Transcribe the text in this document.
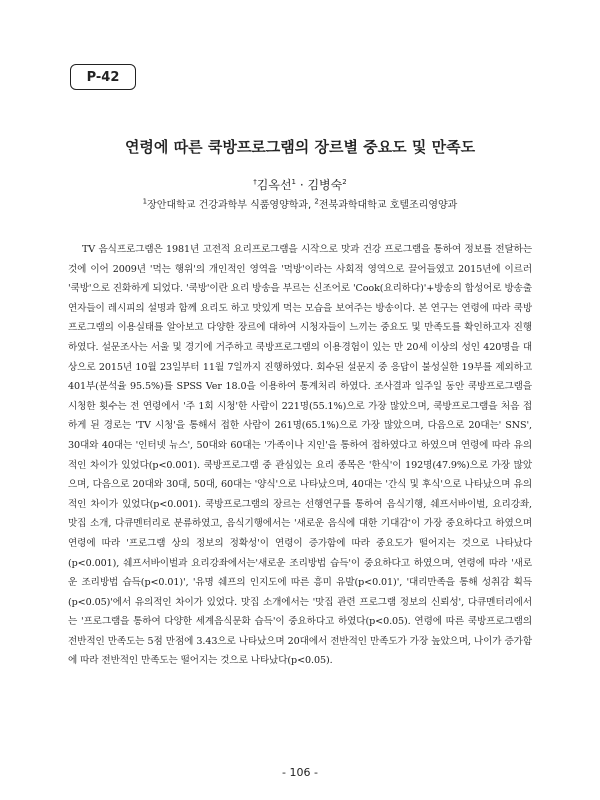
P-42
연령에 따른 쿡방프로그램의 장르별 중요도 및 만족도
†김옥선$^1$ · 김병숙$^2$
$^1$장안대학교 건강과학부 식품영양학과, $^2$전북과학대학교 호텔조리영양과

TV 음식프로그램은 1981년 고전적 요리프로그램을 시작으로 맛과 건강 프로그램을 통하여 정보를 전달하는 것에 이어 2009년 '먹는 행위'의 개인적인 영역을 '먹방'이라는 사회적 영역으로 끌어들였고 2015년에 이르러 '쿡방'으로 진화하게 되었다. '쿡방'이란 요리 방송을 부르는 신조어로 'Cook(요리하다)'+방송의 합성어로 방송출연자들이 레시피의 설명과 함께 요리도 하고 맛있게 먹는 모습을 보여주는 방송이다. 본 연구는 연령에 따라 쿡방프로그램의 이용실태를 알아보고 다양한 장르에 대하여 시청자들이 느끼는 중요도 및 만족도를 확인하고자 진행하였다. 설문조사는 서울 및 경기에 거주하고 쿡방프로그램의 이용경험이 있는 만 20세 이상의 성인 420명을 대상으로 2015년 10월 23일부터 11월 7일까지 진행하였다. 회수된 설문지 중 응답이 불성실한 19부를 제외하고 401부(분석율 95.5%)를 SPSS Ver 18.0을 이용하여 통계처리 하였다. 조사결과 일주일 동안 쿡방프로그램을 시청한 횟수는 전 연령에서 '주 1회 시청'한 사람이 221명(55.1%)으로 가장 많았으며, 쿡방프로그램을 처음 접하게 된 경로는 'TV 시청'을 통해서 접한 사람이 261명(65.1%)으로 가장 많았으며, 다음으로 20대는' SNS', 30대와 40대는 '인터넷 뉴스', 50대와 60대는 '가족이나 지인'을 통하여 접하였다고 하였으며 연령에 따라 유의적인 차이가 있었다(p<0.001). 쿡방프로그램 중 관심있는 요리 종목은 '한식'이 192명(47.9%)으로 가장 많았으며, 다음으로 20대와 30대, 50대, 60대는 '양식'으로 나타났으며, 40대는 '간식 및 후식'으로 나타났으며 유의적인 차이가 있었다(p<0.001). 쿡방프로그램의 장르는 선행연구를 통하여 음식기행, 쉐프서바이벌, 요리강좌, 맛집 소개, 다큐멘터리로 분류하였고, 음식기행에서는 '새로운 음식에 대한 기대감'이 가장 중요하다고 하였으며 연령에 따라 '프로그램 상의 정보의 정확성'이 연령이 증가함에 따라 중요도가 떨어지는 것으로 나타났다(p<0.001), 쉐프서바이벌과 요리강좌에서는'새로운 조리방법 습득'이 중요하다고 하였으며, 연령에 따라 '새로운 조리방법 습득(p<0.01)', '유명 쉐프의 인지도에 따른 흥미 유발(p<0.01)', '대리만족을 통해 성취감 획득(p<0.05)'에서 유의적인 차이가 있었다. 맛집 소개에서는 '맛집 관련 프로그램 정보의 신뢰성', 다큐멘터리에서는 '프로그램을 통하여 다양한 세계음식문화 습득'이 중요하다고 하였다(p<0.05). 연령에 따른 쿡방프로그램의 전반적인 만족도는 5점 만점에 3.43으로 나타났으며 20대에서 전반적인 만족도가 가장 높았으며, 나이가 증가함에 따라 전반적인 만족도는 떨어지는 것으로 나타났다(p<0.05).

- 106 -
